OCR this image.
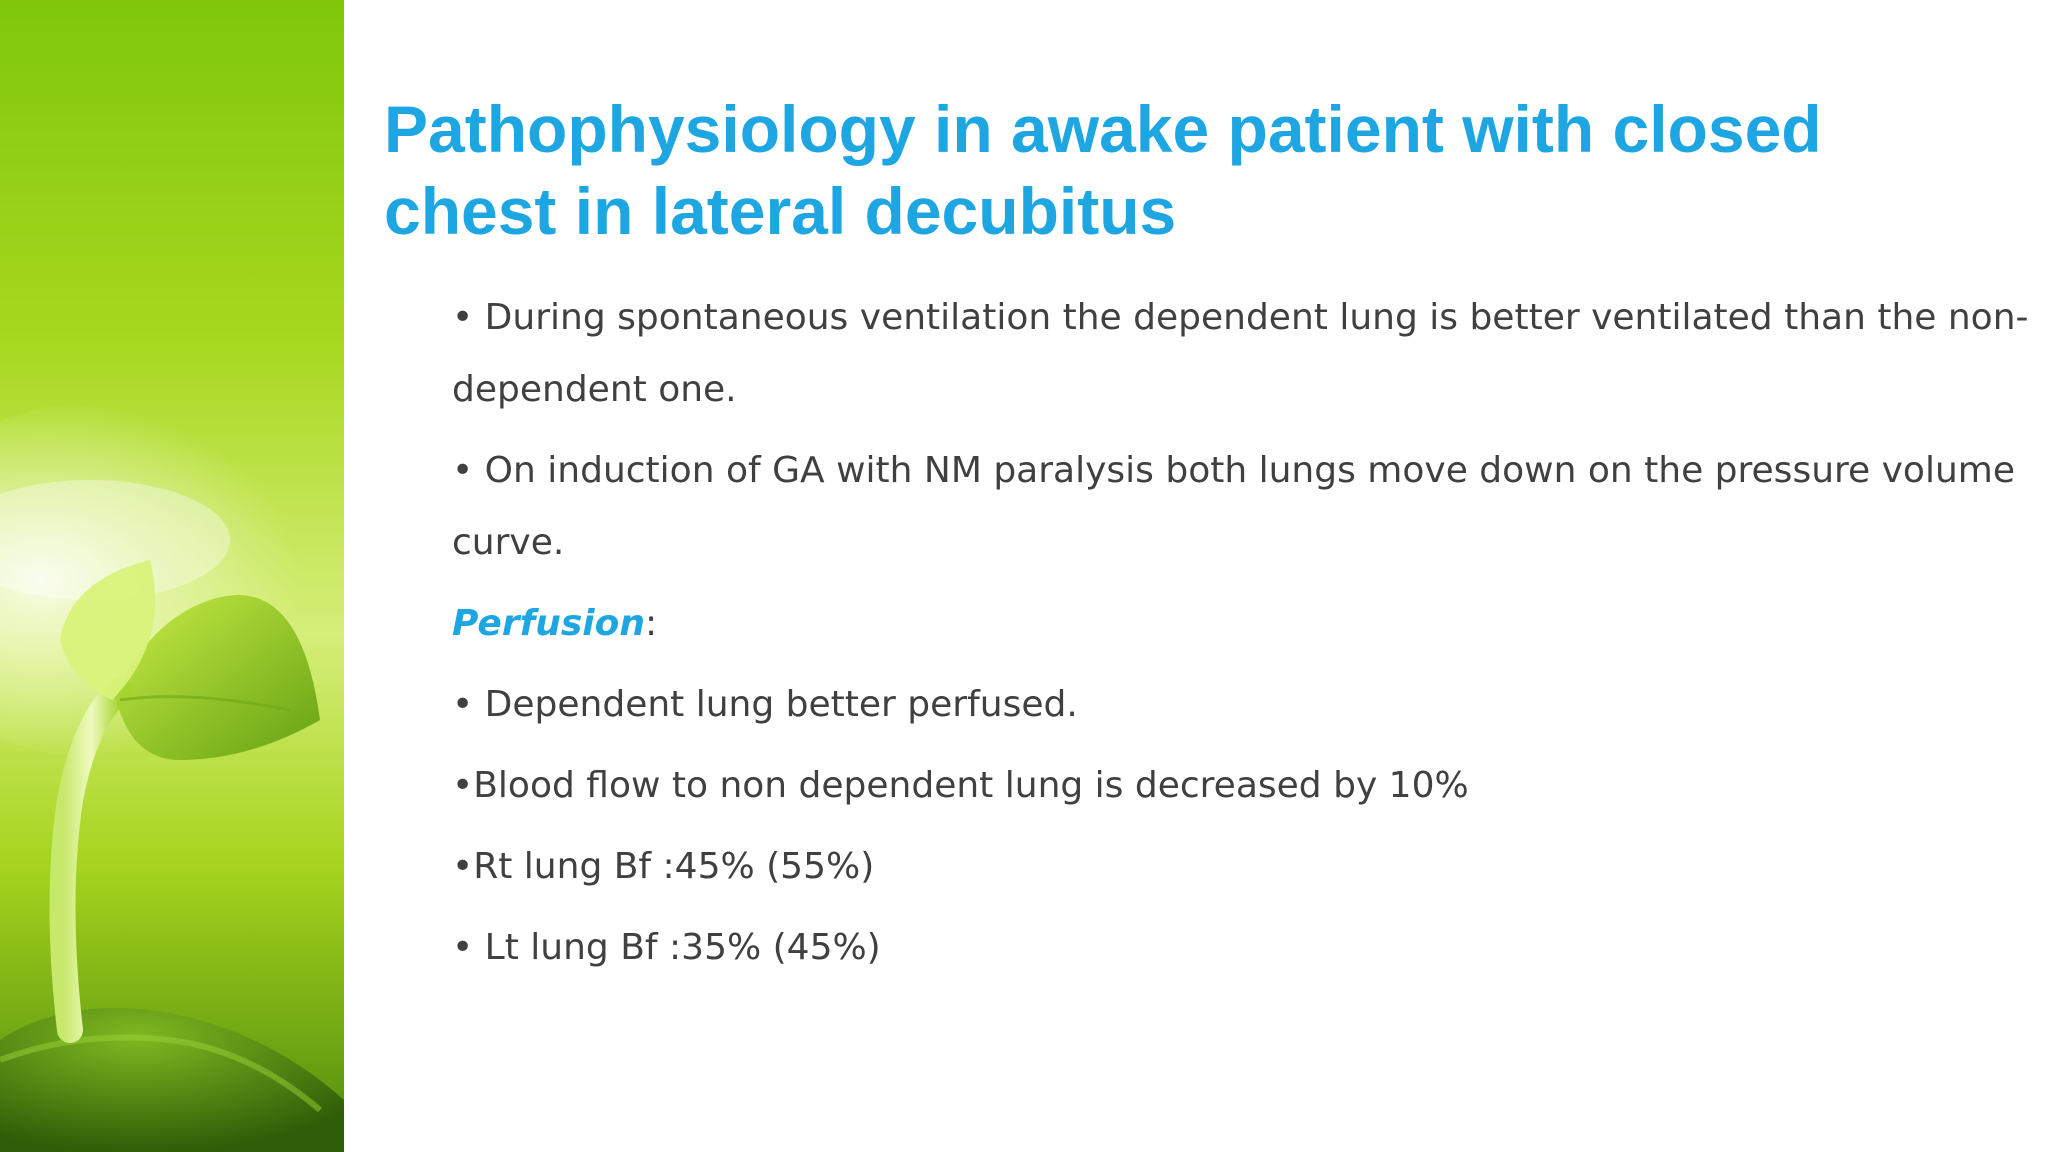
Pathophysiology in awake patient with closed chest in lateral decubitus

• During spontaneous ventilation the dependent lung is better ventilated than the non-dependent one.

• On induction of GA with NM paralysis both lungs move down on the pressure volume curve.

Perfusion:

• Dependent lung better perfused.

•Blood flow to non dependent lung is decreased by 10%

•Rt lung Bf :45% (55%)

• Lt lung Bf :35% (45%)
